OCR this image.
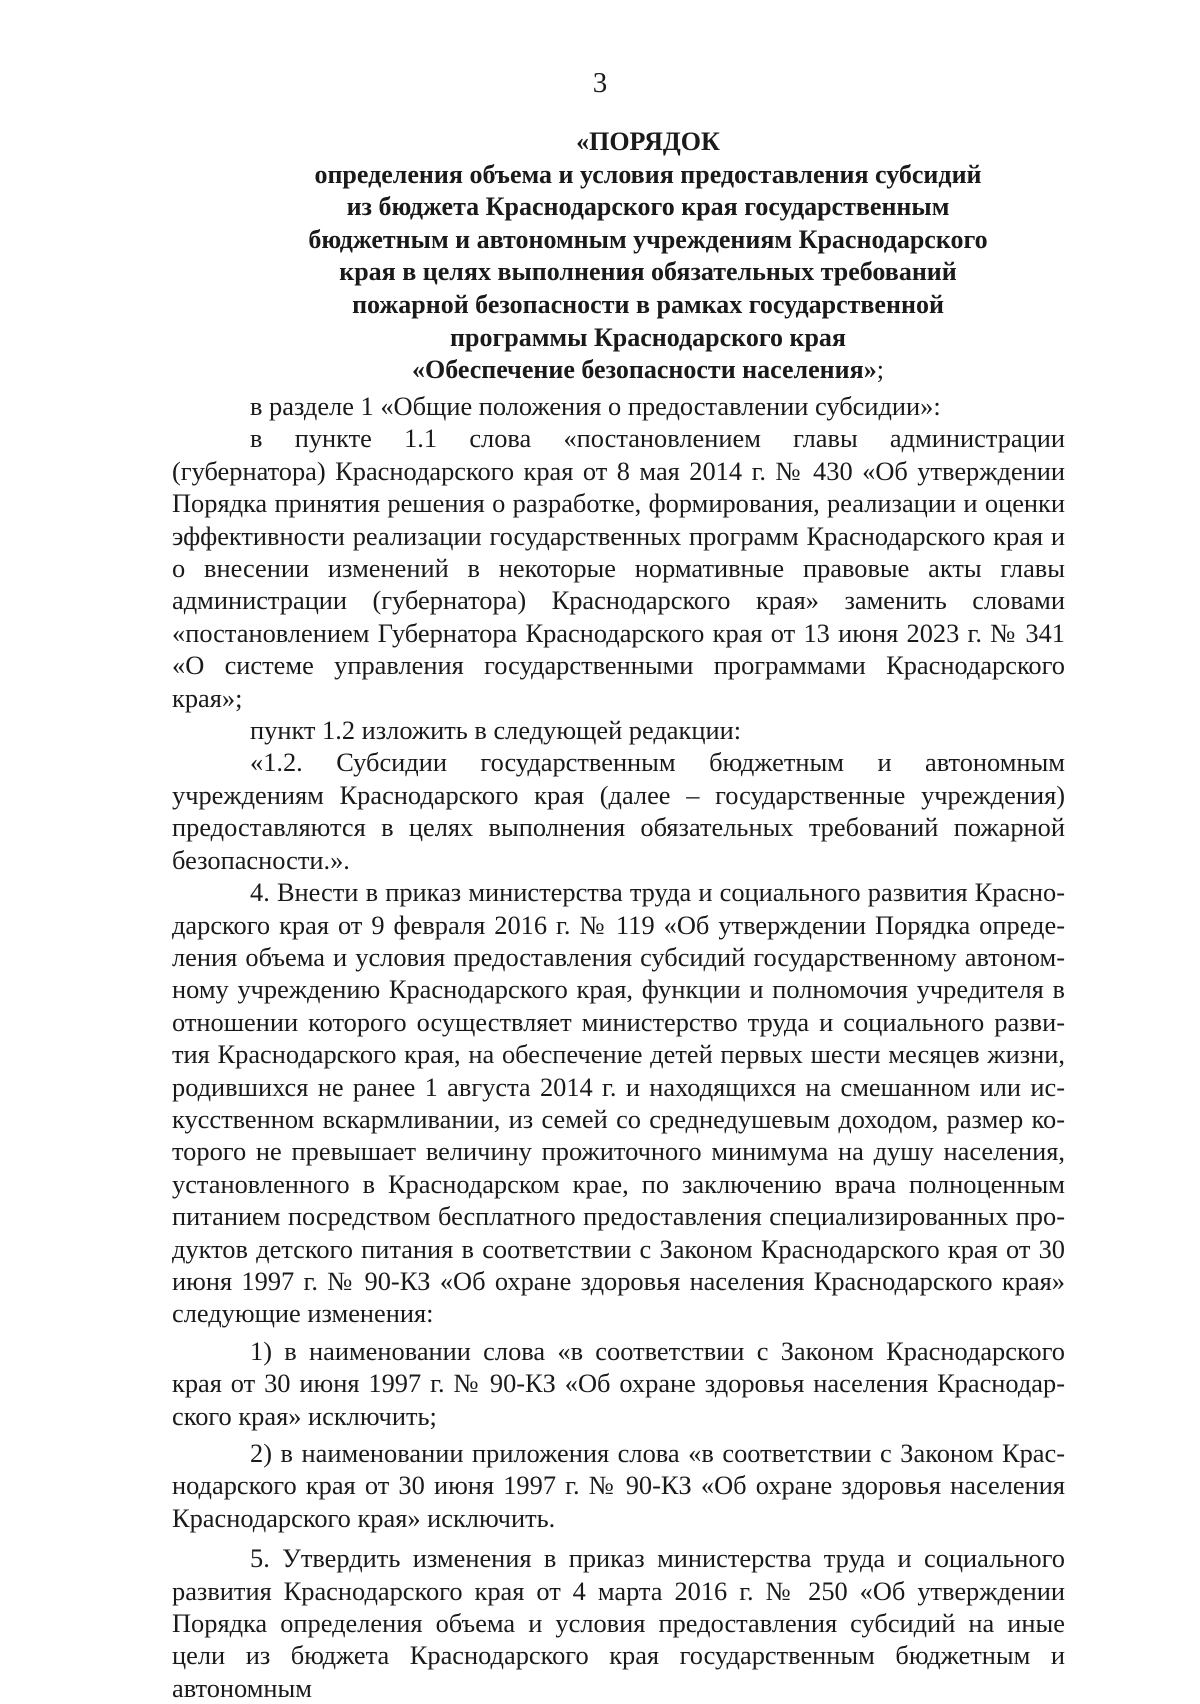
3
«ПОРЯДОК
определения объема и условия предоставления субсидий
из бюджета Краснодарского края государственным
бюджетным и автономным учреждениям Краснодарского
края в целях выполнения обязательных требований
пожарной безопасности в рамках государственной
программы Краснодарского края
«Обеспечение безопасности населения»;

в разделе 1 «Общие положения о предоставлении субсидии»:

в пункте 1.1 слова «постановлением главы администрации (губернатора) Краснодарского края от 8 мая 2014 г. № 430 «Об утверждении Порядка принятия решения о разработке, формирования, реализации и оценки эффективности реализации государственных программ Краснодарского края и о внесении изменений в некоторые нормативные правовые акты главы администрации (губернатора) Краснодарского края» заменить словами «постановлением Губернатора Краснодарского края от 13 июня 2023 г. № 341 «О системе управления государственными программами Краснодарского края»;

пункт 1.2 изложить в следующей редакции:

«1.2. Субсидии государственным бюджетным и автономным учреждениям Краснодарского края (далее – государственные учреждения) предоставляются в целях выполнения обязательных требований пожарной безопасности.».

4. Внести в приказ министерства труда и социального развития Краснодарского края от 9 февраля 2016 г. № 119 «Об утверждении Порядка определения объема и условия предоставления субсидий государственному автономному учреждению Краснодарского края, функции и полномочия учредителя в отношении которого осуществляет министерство труда и социального развития Краснодарского края, на обеспечение детей первых шести месяцев жизни, родившихся не ранее 1 августа 2014 г. и находящихся на смешанном или искусственном вскармливании, из семей со среднедушевым доходом, размер которого не превышает величину прожиточного минимума на душу населения, установленного в Краснодарском крае, по заключению врача полноценным питанием посредством бесплатного предоставления специализированных продуктов детского питания в соответствии с Законом Краснодарского края от 30 июня 1997 г. № 90-КЗ «Об охране здоровья населения Краснодарского края» следующие изменения:

1) в наименовании слова «в соответствии с Законом Краснодарского края от 30 июня 1997 г. № 90-КЗ «Об охране здоровья населения Краснодарского края» исключить;

2) в наименовании приложения слова «в соответствии с Законом Краснодарского края от 30 июня 1997 г. № 90-КЗ «Об охране здоровья населения Краснодарского края» исключить.

5. Утвердить изменения в приказ министерства труда и социального развития Краснодарского края от 4 марта 2016 г. № 250 «Об утверждении Порядка определения объема и условия предоставления субсидий на иные цели из бюджета Краснодарского края государственным бюджетным и автономным
